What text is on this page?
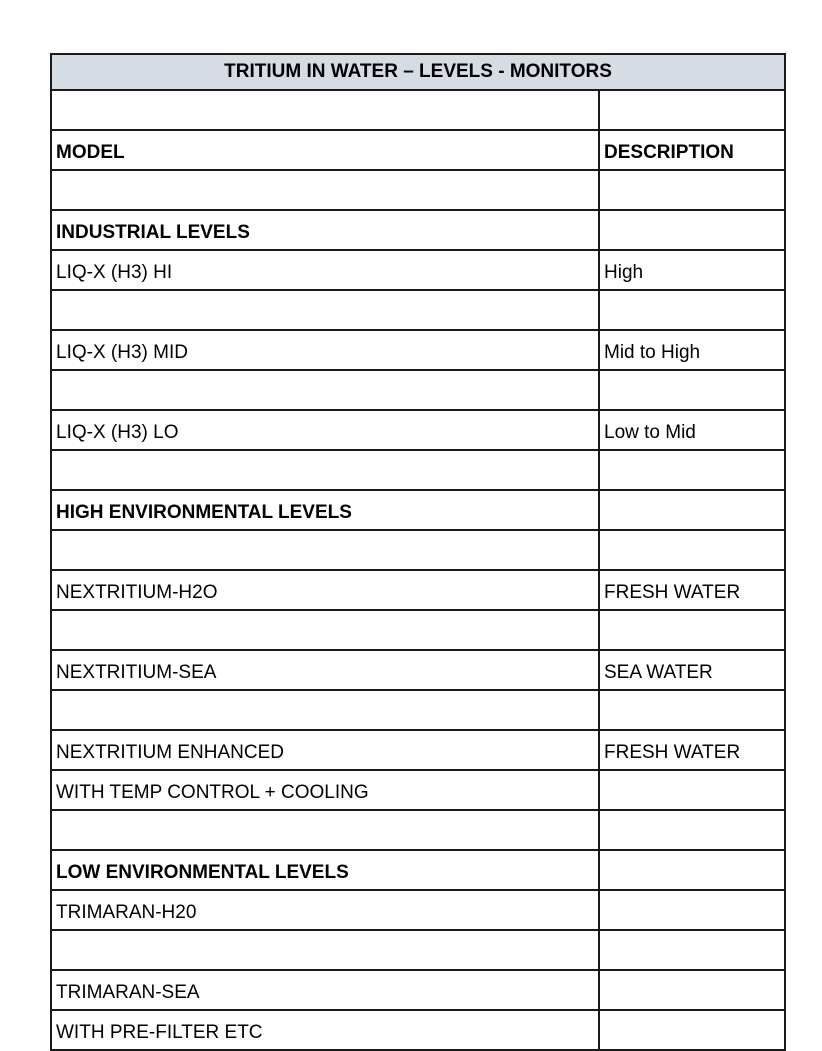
TRITIUM IN WATER – LEVELS - MONITORS	

MODEL	DESCRIPTION

INDUSTRIAL LEVELS	
LIQ-X (H3) HI	High

LIQ-X (H3) MID	Mid to High

LIQ-X (H3) LO	Low to Mid

HIGH ENVIRONMENTAL LEVELS	

NEXTRITIUM-H2O	FRESH WATER

NEXTRITIUM-SEA	SEA WATER

NEXTRITIUM ENHANCED	FRESH WATER
WITH TEMP CONTROL + COOLING	

LOW ENVIRONMENTAL LEVELS	
TRIMARAN-H20	

TRIMARAN-SEA	
WITH PRE-FILTER ETC	
